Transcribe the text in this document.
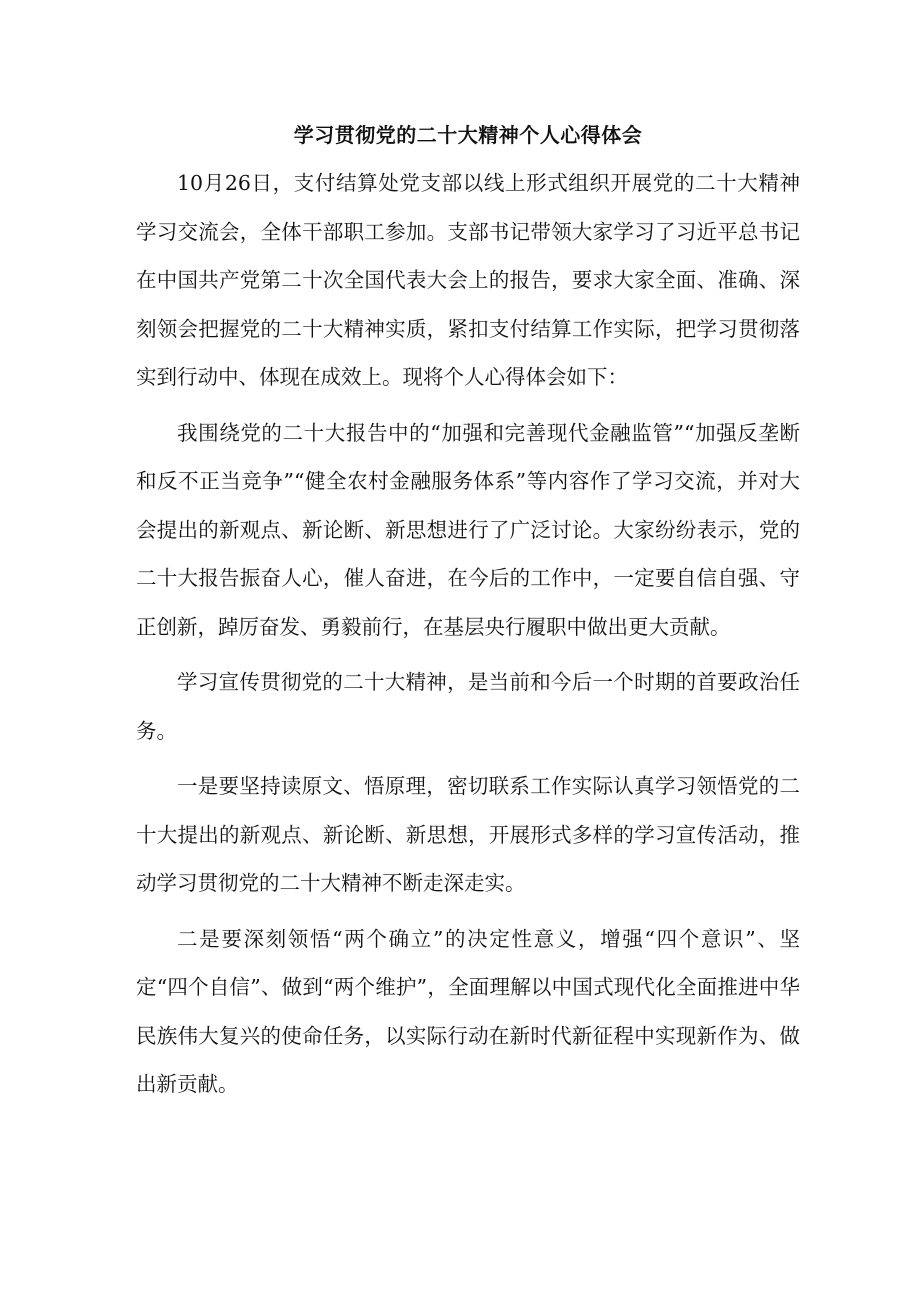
学习贯彻党的二十大精神个人心得体会

10月26日，支付结算处党支部以线上形式组织开展党的二十大精神学习交流会，全体干部职工参加。支部书记带领大家学习了习近平总书记在中国共产党第二十次全国代表大会上的报告，要求大家全面、准确、深刻领会把握党的二十大精神实质，紧扣支付结算工作实际，把学习贯彻落实到行动中、体现在成效上。现将个人心得体会如下：

我围绕党的二十大报告中的“加强和完善现代金融监管”“加强反垄断和反不正当竞争”“健全农村金融服务体系”等内容作了学习交流，并对大会提出的新观点、新论断、新思想进行了广泛讨论。大家纷纷表示，党的二十大报告振奋人心，催人奋进，在今后的工作中，一定要自信自强、守正创新，踔厉奋发、勇毅前行，在基层央行履职中做出更大贡献。

学习宣传贯彻党的二十大精神，是当前和今后一个时期的首要政治任务。

一是要坚持读原文、悟原理，密切联系工作实际认真学习领悟党的二十大提出的新观点、新论断、新思想，开展形式多样的学习宣传活动，推动学习贯彻党的二十大精神不断走深走实。

二是要深刻领悟“两个确立”的决定性意义，增强“四个意识”、坚定“四个自信”、做到“两个维护”，全面理解以中国式现代化全面推进中华民族伟大复兴的使命任务，以实际行动在新时代新征程中实现新作为、做出新贡献。
